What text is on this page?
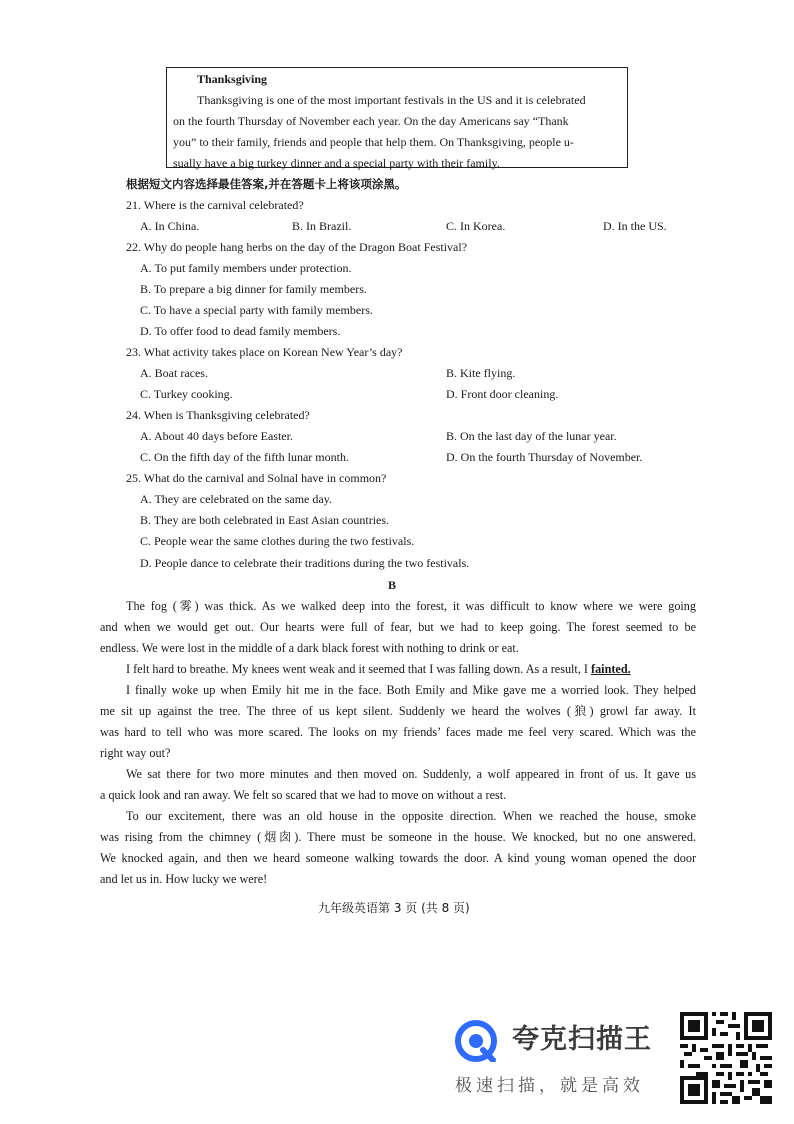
Thanksgiving
Thanksgiving is one of the most important festivals in the US and it is celebrated
on the fourth Thursday of November each year. On the day Americans say “Thank
you” to their family, friends and people that help them. On Thanksgiving, people u-
sually have a big turkey dinner and a special party with their family.
根据短文内容选择最佳答案,并在答题卡上将该项涂黑。
21. Where is the carnival celebrated?
A. In China.	B. In Brazil.	C. In Korea.	D. In the US.
22. Why do people hang herbs on the day of the Dragon Boat Festival?
A. To put family members under protection.
B. To prepare a big dinner for family members.
C. To have a special party with family members.
D. To offer food to dead family members.
23. What activity takes place on Korean New Year’s day?
A. Boat races.	B. Kite flying.
C. Turkey cooking.	D. Front door cleaning.
24. When is Thanksgiving celebrated?
A. About 40 days before Easter.	B. On the last day of the lunar year.
C. On the fifth day of the fifth lunar month.	D. On the fourth Thursday of November.
25. What do the carnival and Solnal have in common?
A. They are celebrated on the same day.
B. They are both celebrated in East Asian countries.
C. People wear the same clothes during the two festivals.
D. People dance to celebrate their traditions during the two festivals.
B
The fog (雾) was thick. As we walked deep into the forest, it was difficult to know where we were going
and when we would get out. Our hearts were full of fear, but we had to keep going. The forest seemed to be
endless. We were lost in the middle of a dark black forest with nothing to drink or eat.
I felt hard to breathe. My knees went weak and it seemed that I was falling down. As a result, I fainted.
I finally woke up when Emily hit me in the face. Both Emily and Mike gave me a worried look. They helped
me sit up against the tree. The three of us kept silent. Suddenly we heard the wolves (狼) growl far away. It
was hard to tell who was more scared. The looks on my friends’ faces made me feel very scared. Which was the
right way out?
We sat there for two more minutes and then moved on. Suddenly, a wolf appeared in front of us. It gave us
a quick look and ran away. We felt so scared that we had to move on without a rest.
To our excitement, there was an old house in the opposite direction. When we reached the house, smoke
was rising from the chimney (烟囱). There must be someone in the house. We knocked, but no one answered.
We knocked again, and then we heard someone walking towards the door. A kind young woman opened the door
and let us in. How lucky we were!
九年级英语第 3 页 (共 8 页)
夸克扫描王
极速扫描，就是高效
